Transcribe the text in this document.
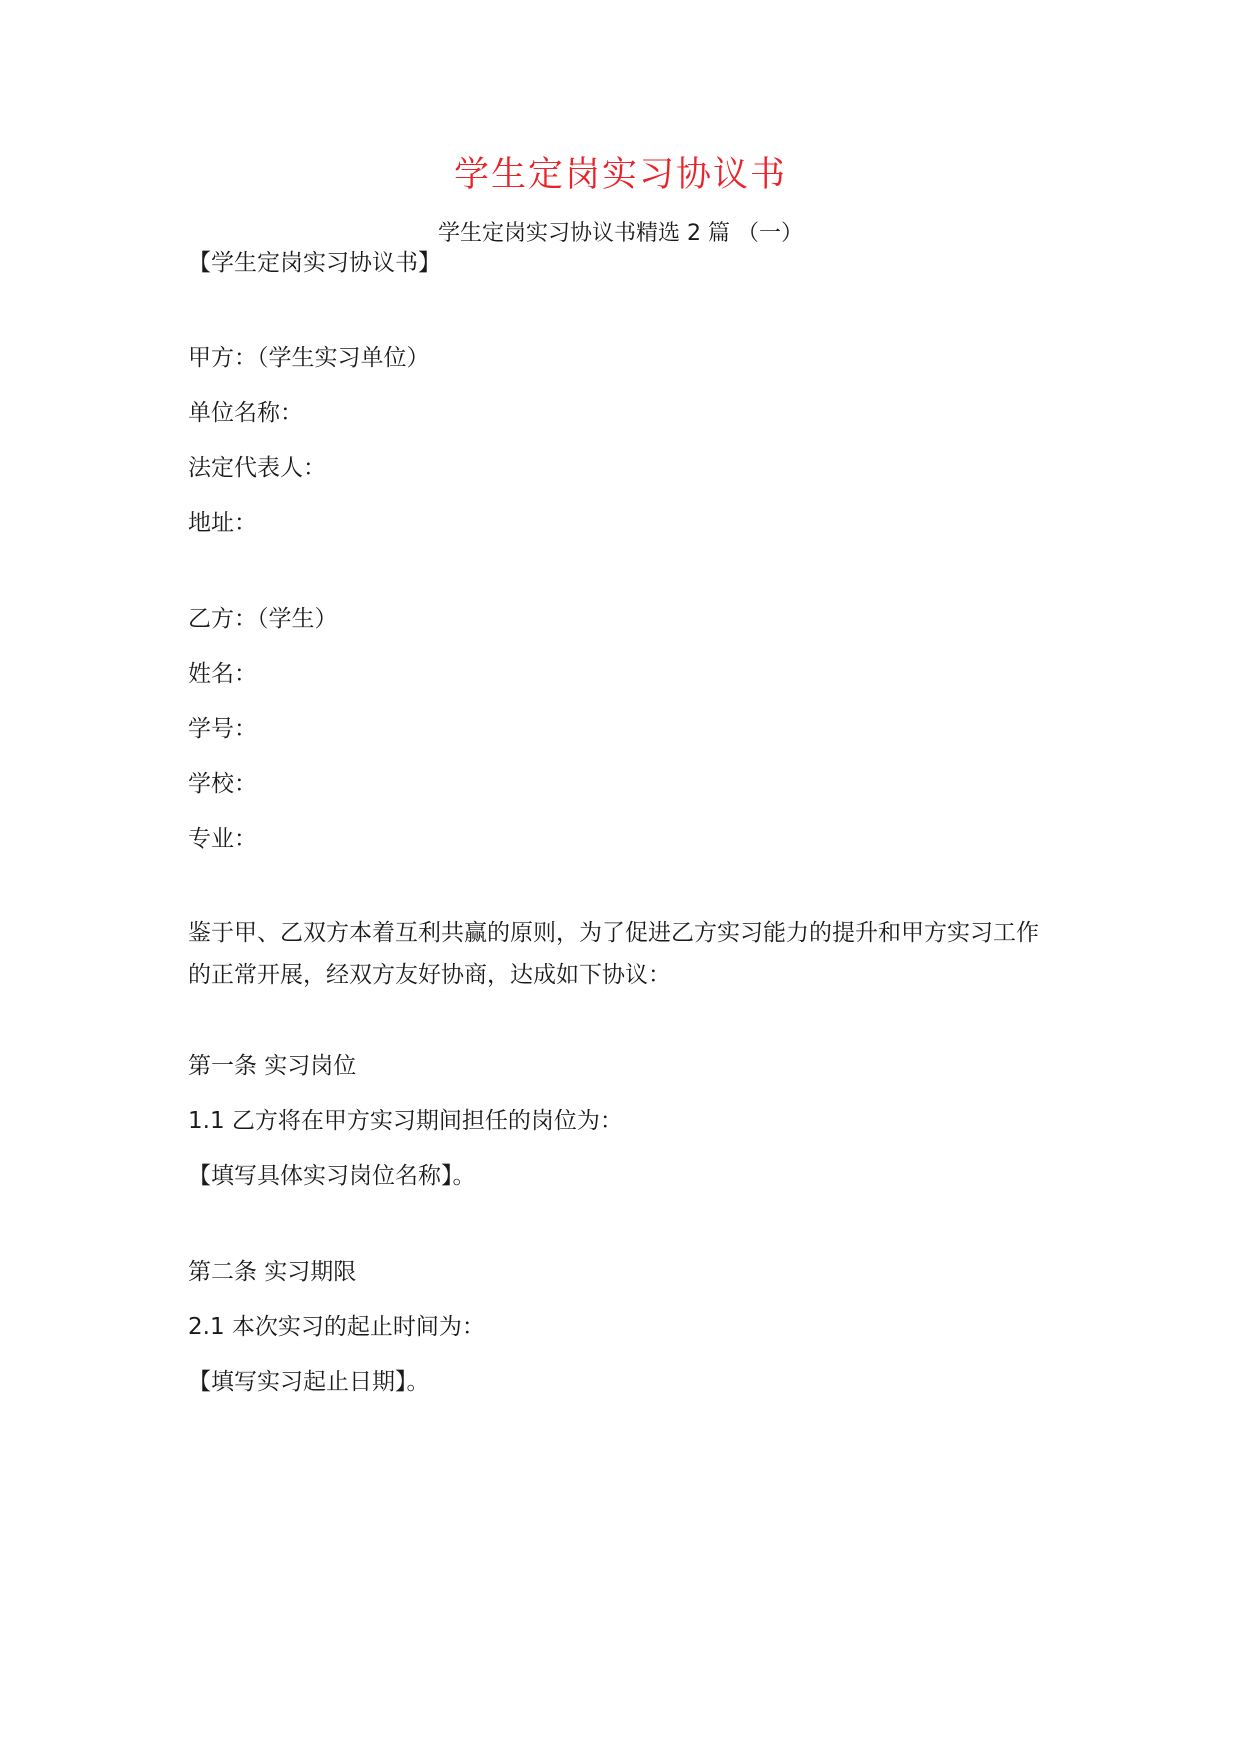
学生定岗实习协议书
学生定岗实习协议书精选 2 篇 （一）
【学生定岗实习协议书】
甲方：（学生实习单位）
单位名称：
法定代表人：
地址：
乙方：（学生）
姓名：
学号：
学校：
专业：
鉴于甲、乙双方本着互利共赢的原则，为了促进乙方实习能力的提升和甲方实习工作的正常开展，经双方友好协商，达成如下协议：
第一条 实习岗位
1.1 乙方将在甲方实习期间担任的岗位为：
【填写具体实习岗位名称】。
第二条 实习期限
2.1 本次实习的起止时间为：
【填写实习起止日期】。
